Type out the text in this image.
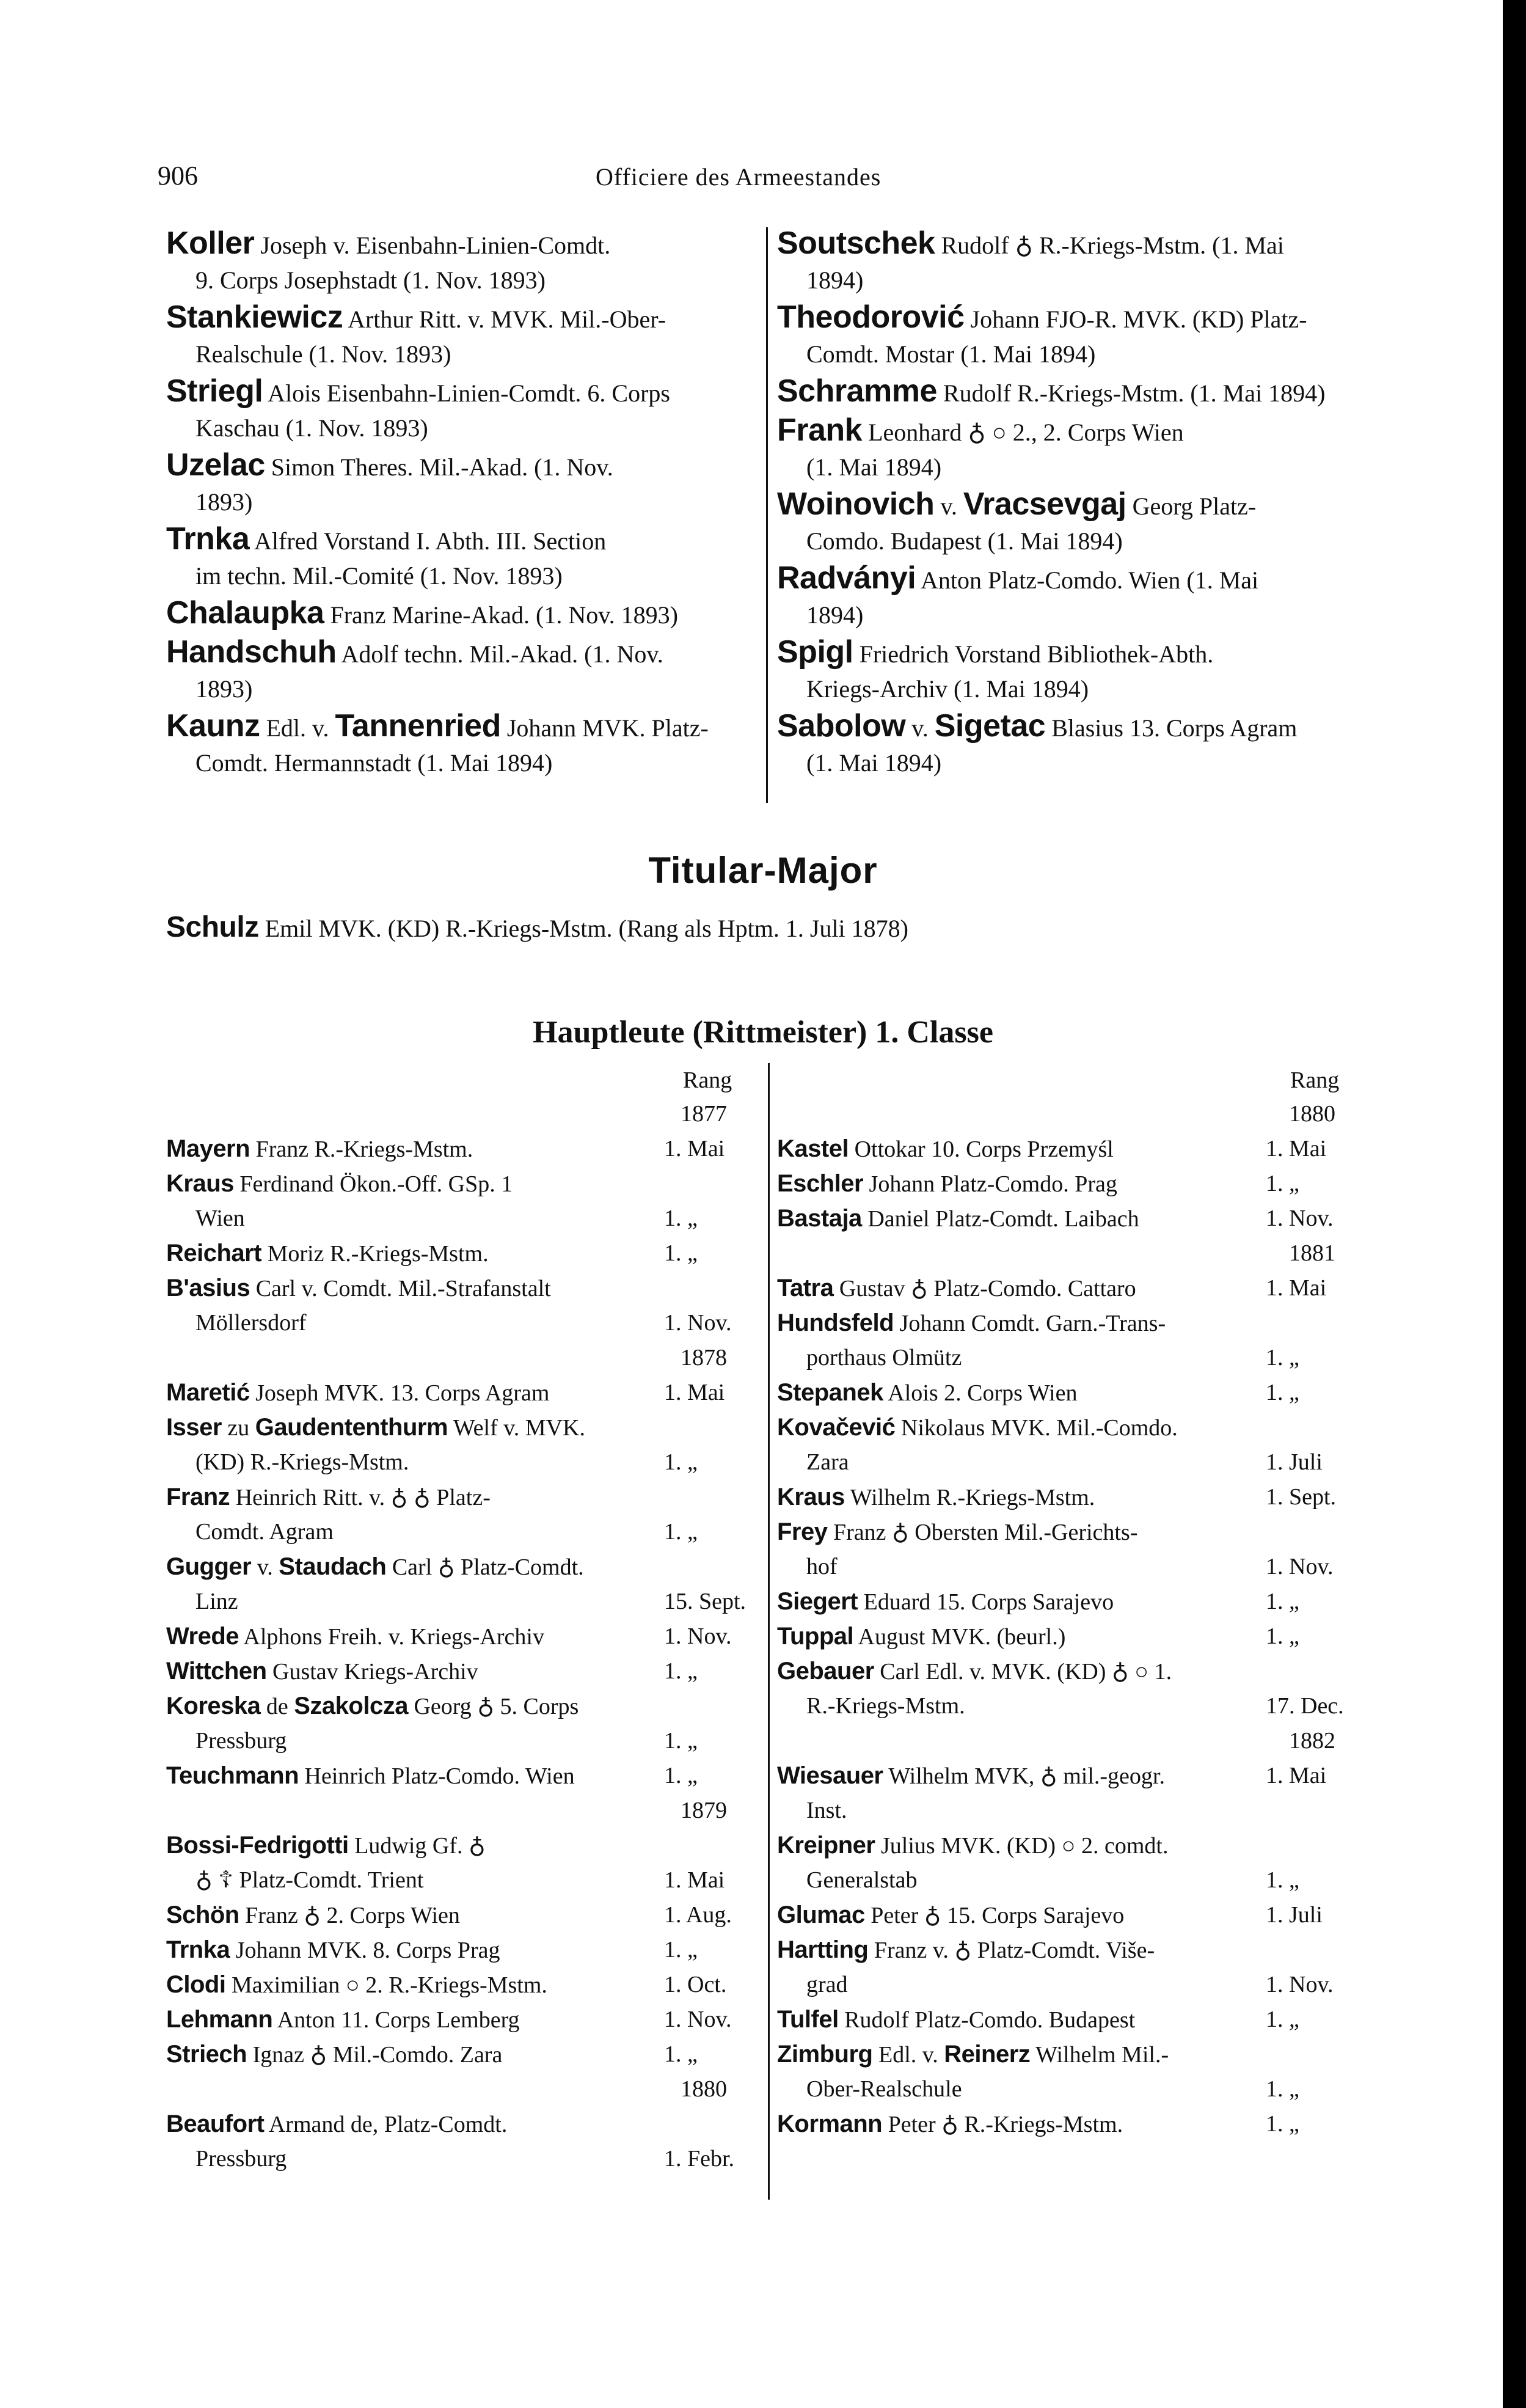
906	Officiere des Armeestandes
Koller Joseph v. Eisenbahn-Linien-Comdt.
9. Corps Josephstadt (1. Nov. 1893)
Stankiewicz Arthur Ritt. v. MVK. Mil.-Ober-
Realschule (1. Nov. 1893)
Striegl Alois Eisenbahn-Linien-Comdt. 6. Corps
Kaschau (1. Nov. 1893)
Uzelac Simon Theres. Mil.-Akad. (1. Nov.
1893)
Trnka Alfred Vorstand I. Abth. III. Section
im techn. Mil.-Comité (1. Nov. 1893)
Chalaupka Franz Marine-Akad. (1. Nov. 1893)
Handschuh Adolf techn. Mil.-Akad. (1. Nov.
1893)
Kaunz Edl. v. Tannenried Johann MVK. Platz-
Comdt. Hermannstadt (1. Mai 1894)
Soutschek Rudolf ♁ R.-Kriegs-Mstm. (1. Mai
1894)
Theodorović Johann FJO-R. MVK. (KD) Platz-
Comdt. Mostar (1. Mai 1894)
Schramme Rudolf R.-Kriegs-Mstm. (1. Mai 1894)
Frank Leonhard ♁ ○ 2., 2. Corps Wien
(1. Mai 1894)
Woinovich v. Vracsevgaj Georg Platz-
Comdo. Budapest (1. Mai 1894)
Radványi Anton Platz-Comdo. Wien (1. Mai
1894)
Spigl Friedrich Vorstand Bibliothek-Abth.
Kriegs-Archiv (1. Mai 1894)
Sabolow v. Sigetac Blasius 13. Corps Agram
(1. Mai 1894)
Titular-Major
Schulz Emil MVK. (KD) R.-Kriegs-Mstm. (Rang als Hptm. 1. Juli 1878)
Hauptleute (Rittmeister) 1. Classe
Rang	Rang
1877
Mayern Franz R.-Kriegs-Mstm.	1. Mai
Kraus Ferdinand Ökon.-Off. GSp. 1
Wien	1. „
Reichart Moriz R.-Kriegs-Mstm.	1. „
B'asius Carl v. Comdt. Mil.-Strafanstalt
Möllersdorf	1. Nov.
1878
Maretić Joseph MVK. 13. Corps Agram	1. Mai
Isser zu Gaudententhurm Welf v. MVK.
(KD) R.-Kriegs-Mstm.	1. „
Franz Heinrich Ritt. v. ♁ ♁ Platz-
Comdt. Agram	1. „
Gugger v. Staudach Carl ♁ Platz-Comdt.
Linz	15. Sept.
Wrede Alphons Freih. v. Kriegs-Archiv	1. Nov.
Wittchen Gustav Kriegs-Archiv	1. „
Koreska de Szakolcza Georg ♁ 5. Corps
Pressburg	1. „
Teuchmann Heinrich Platz-Comdo. Wien	1. „
1879
Bossi-Fedrigotti Ludwig Gf. ♁
♁ ☦ Platz-Comdt. Trient	1. Mai
Schön Franz ♁ 2. Corps Wien	1. Aug.
Trnka Johann MVK. 8. Corps Prag	1. „
Clodi Maximilian ○ 2. R.-Kriegs-Mstm.	1. Oct.
Lehmann Anton 11. Corps Lemberg	1. Nov.
Striech Ignaz ♁ Mil.-Comdo. Zara	1. „
1880
Beaufort Armand de, Platz-Comdt.
Pressburg	1. Febr.
1880
Kastel Ottokar 10. Corps Przemyśl	1. Mai
Eschler Johann Platz-Comdo. Prag	1. „
Bastaja Daniel Platz-Comdt. Laibach	1. Nov.
1881
Tatra Gustav ♁ Platz-Comdo. Cattaro	1. Mai
Hundsfeld Johann Comdt. Garn.-Trans-
porthaus Olmütz	1. „
Stepanek Alois 2. Corps Wien	1. „
Kovačević Nikolaus MVK. Mil.-Comdo.
Zara	1. Juli
Kraus Wilhelm R.-Kriegs-Mstm.	1. Sept.
Frey Franz ♁ Obersten Mil.-Gerichts-
hof	1. Nov.
Siegert Eduard 15. Corps Sarajevo	1. „
Tuppal August MVK. (beurl.)	1. „
Gebauer Carl Edl. v. MVK. (KD) ♁ ○ 1.
R.-Kriegs-Mstm.	17. Dec.
1882
Wiesauer Wilhelm MVK, ♁ mil.-geogr.	1. Mai
Inst.
Kreipner Julius MVK. (KD) ○ 2. comdt.
Generalstab	1. „
Glumac Peter ♁ 15. Corps Sarajevo	1. Juli
Hartting Franz v. ♁ Platz-Comdt. Više-
grad	1. Nov.
Tulfel Rudolf Platz-Comdo. Budapest	1. „
Zimburg Edl. v. Reinerz Wilhelm Mil.-
Ober-Realschule	1. „
Kormann Peter ♁ R.-Kriegs-Mstm.	1. „
